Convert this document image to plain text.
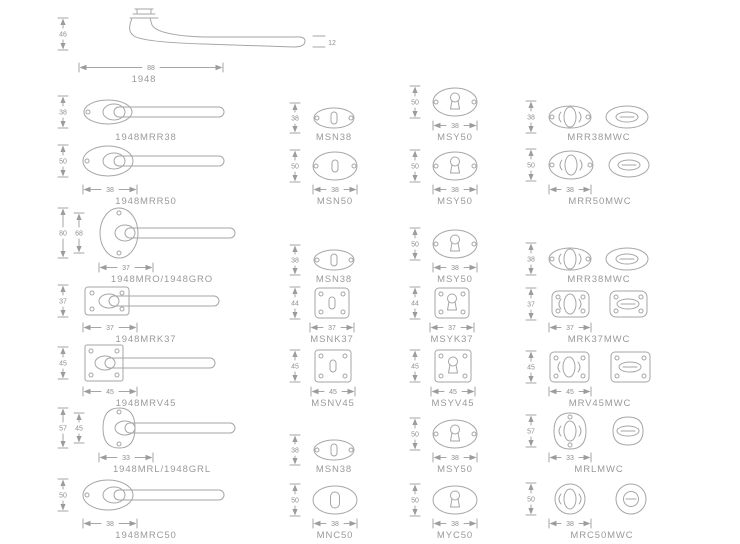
46
12
88
1948
38
1948MRR38
38
MSN38
50
38
MSY50
38
MRR38MWC
50
38
1948MRR50
50
38
MSN50
50
38
MSY50
50
38
MRR50MWC
80 68
37
1948MRO/1948GRO
38
MSN38
50
38
MSY50
38
MRR38MWC
37
37
1948MRK37
44
37
MSNK37
44
37
MSYK37
37
37
MRK37MWC
45
45
1948MRV45
45
45
MSNV45
45
45
MSYV45
45
45
MRV45MWC
57 45
33
1948MRL/1948GRL
38
MSN38
50
38
MSY50
57
33
MRLMWC
50
38
1948MRC50
50
38
MNC50
50
38
MYC50
50
38
MRC50MWC
